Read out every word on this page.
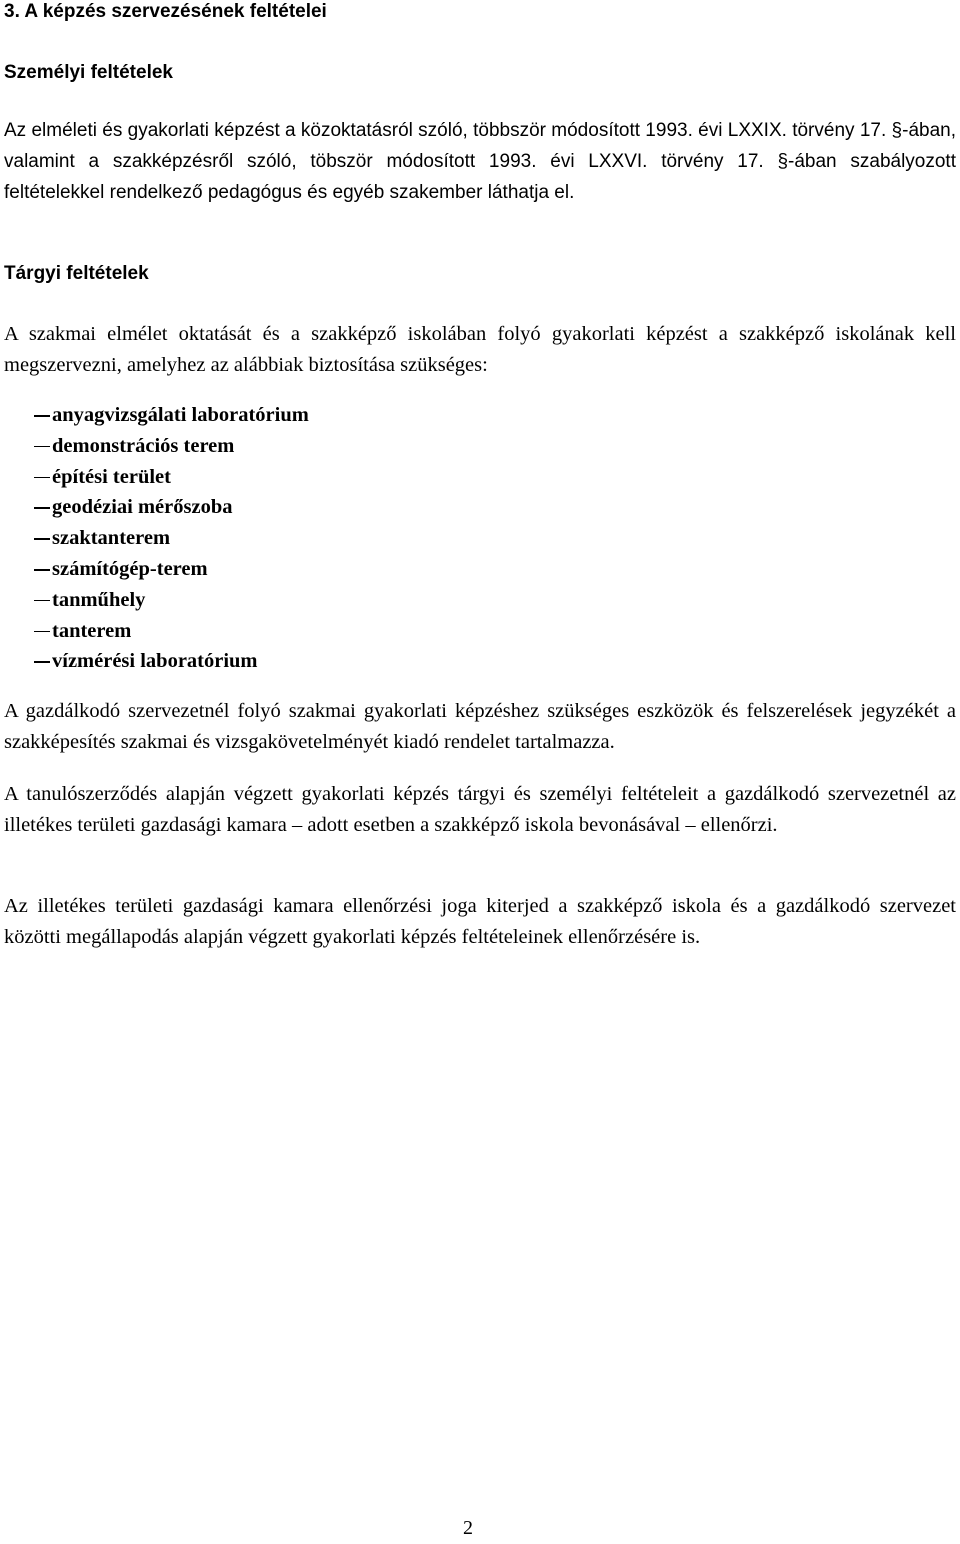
3. A képzés szervezésének feltételei
Személyi feltételek

Az elméleti és gyakorlati képzést a közoktatásról szóló, többször módosított 1993. évi LXXIX. törvény 17. §-ában, valamint a szakképzésről szóló, töbször módosított 1993. évi LXXVI. törvény 17. §-ában szabályozott feltételekkel rendelkező pedagógus és egyéb szakember láthatja el.

Tárgyi feltételek

A szakmai elmélet oktatását és a szakképző iskolában folyó gyakorlati képzést a szakképző iskolának kell megszervezni, amelyhez az alábbiak biztosítása szükséges:

anyagvizsgálati laboratórium
demonstrációs terem
építési terület
geodéziai mérőszoba
szaktanterem
számítógép-terem
tanműhely
tanterem
vízmérési laboratórium

A gazdálkodó szervezetnél folyó szakmai gyakorlati képzéshez szükséges eszközök és felszerelések jegyzékét a szakképesítés szakmai és vizsgakövetelményét kiadó rendelet tartalmazza.

A tanulószerződés alapján végzett gyakorlati képzés tárgyi és személyi feltételeit a gazdálkodó szervezetnél az illetékes területi gazdasági kamara – adott esetben a szakképző iskola bevonásával – ellenőrzi.

Az illetékes területi gazdasági kamara ellenőrzési joga kiterjed a szakképző iskola és a gazdálkodó szervezet közötti megállapodás alapján végzett gyakorlati képzés feltételeinek ellenőrzésére is.

2
